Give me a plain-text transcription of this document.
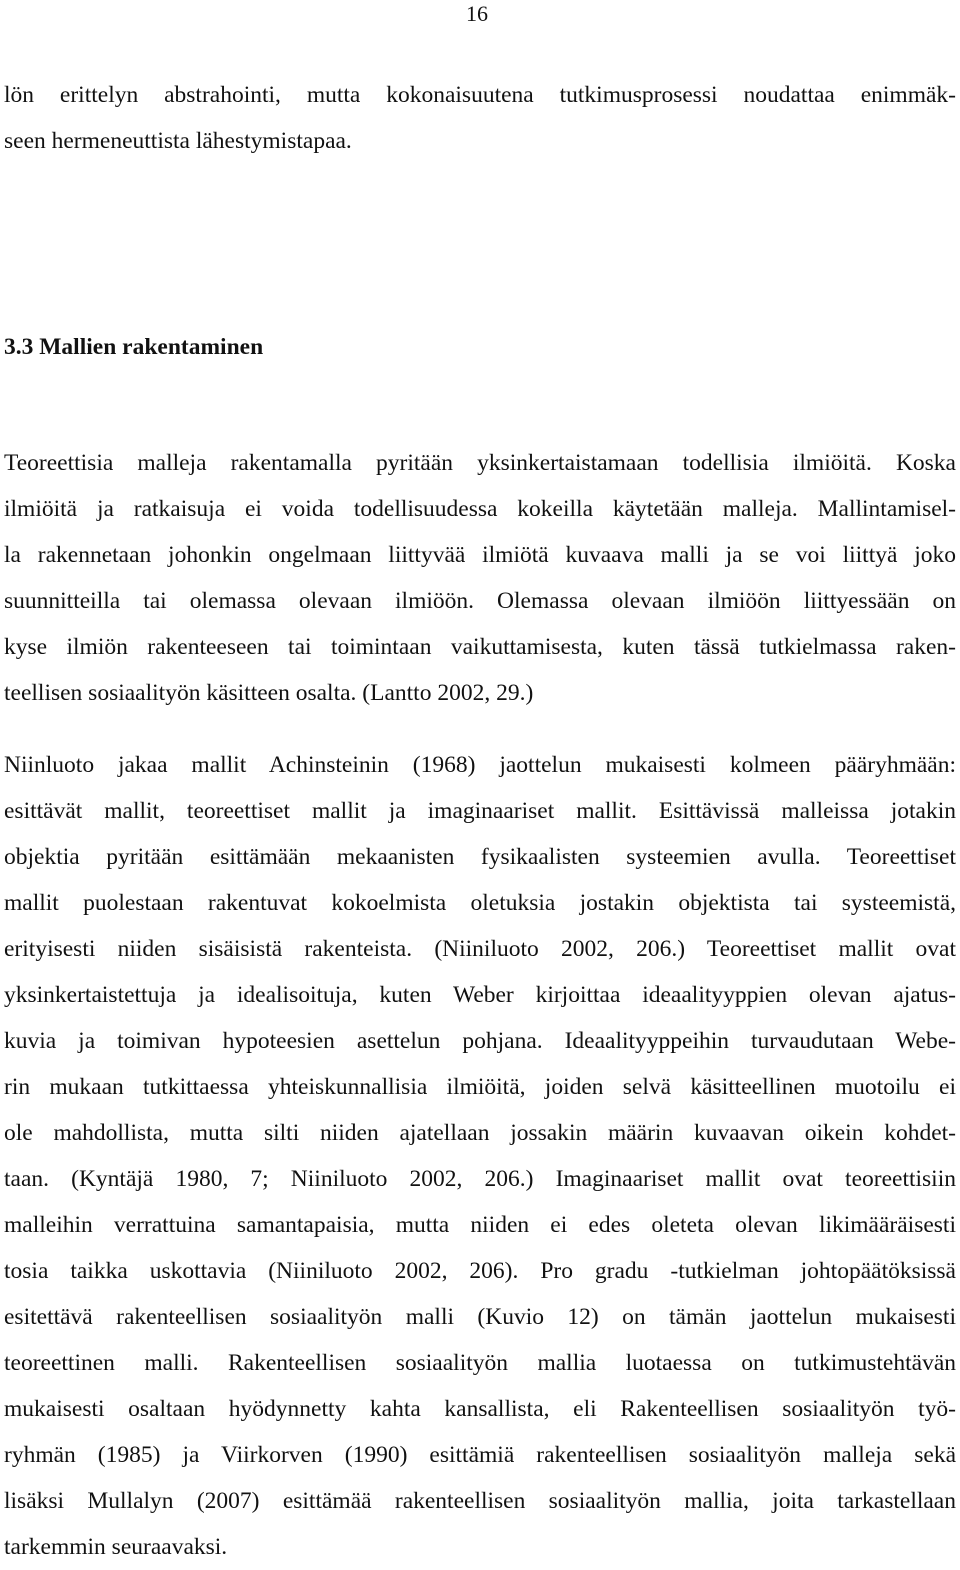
16
lön erittelyn abstrahointi, mutta kokonaisuutena tutkimusprosessi noudattaa enimmäk-
seen hermeneuttista lähestymistapaa.
3.3 Mallien rakentaminen
Teoreettisia malleja rakentamalla pyritään yksinkertaistamaan todellisia ilmiöitä. Koska
ilmiöitä ja ratkaisuja ei voida todellisuudessa kokeilla käytetään malleja. Mallintamisel-
la rakennetaan johonkin ongelmaan liittyvää ilmiötä kuvaava malli ja se voi liittyä joko
suunnitteilla tai olemassa olevaan ilmiöön. Olemassa olevaan ilmiöön liittyessään on
kyse ilmiön rakenteeseen tai toimintaan vaikuttamisesta, kuten tässä tutkielmassa raken-
teellisen sosiaalityön käsitteen osalta. (Lantto 2002, 29.)
Niinluoto jakaa mallit Achinsteinin (1968) jaottelun mukaisesti kolmeen pääryhmään:
esittävät mallit, teoreettiset mallit ja imaginaariset mallit. Esittävissä malleissa jotakin
objektia pyritään esittämään mekaanisten fysikaalisten systeemien avulla. Teoreettiset
mallit puolestaan rakentuvat kokoelmista oletuksia jostakin objektista tai systeemistä,
erityisesti niiden sisäisistä rakenteista. (Niiniluoto 2002, 206.) Teoreettiset mallit ovat
yksinkertaistettuja ja idealisoituja, kuten Weber kirjoittaa ideaalityyppien olevan ajatus-
kuvia ja toimivan hypoteesien asettelun pohjana. Ideaalityyppeihin turvaudutaan Webe-
rin mukaan tutkittaessa yhteiskunnallisia ilmiöitä, joiden selvä käsitteellinen muotoilu ei
ole mahdollista, mutta silti niiden ajatellaan jossakin määrin kuvaavan oikein kohdet-
taan. (Kyntäjä 1980, 7; Niiniluoto 2002, 206.) Imaginaariset mallit ovat teoreettisiin
malleihin verrattuina samantapaisia, mutta niiden ei edes oleteta olevan likimääräisesti
tosia taikka uskottavia (Niiniluoto 2002, 206). Pro gradu -tutkielman johtopäätöksissä
esitettävä rakenteellisen sosiaalityön malli (Kuvio 12) on tämän jaottelun mukaisesti
teoreettinen malli. Rakenteellisen sosiaalityön mallia luotaessa on tutkimustehtävän
mukaisesti osaltaan hyödynnetty kahta kansallista, eli Rakenteellisen sosiaalityön työ-
ryhmän (1985) ja Viirkorven (1990) esittämiä rakenteellisen sosiaalityön malleja sekä
lisäksi Mullalyn (2007) esittämää rakenteellisen sosiaalityön mallia, joita tarkastellaan
tarkemmin seuraavaksi.
